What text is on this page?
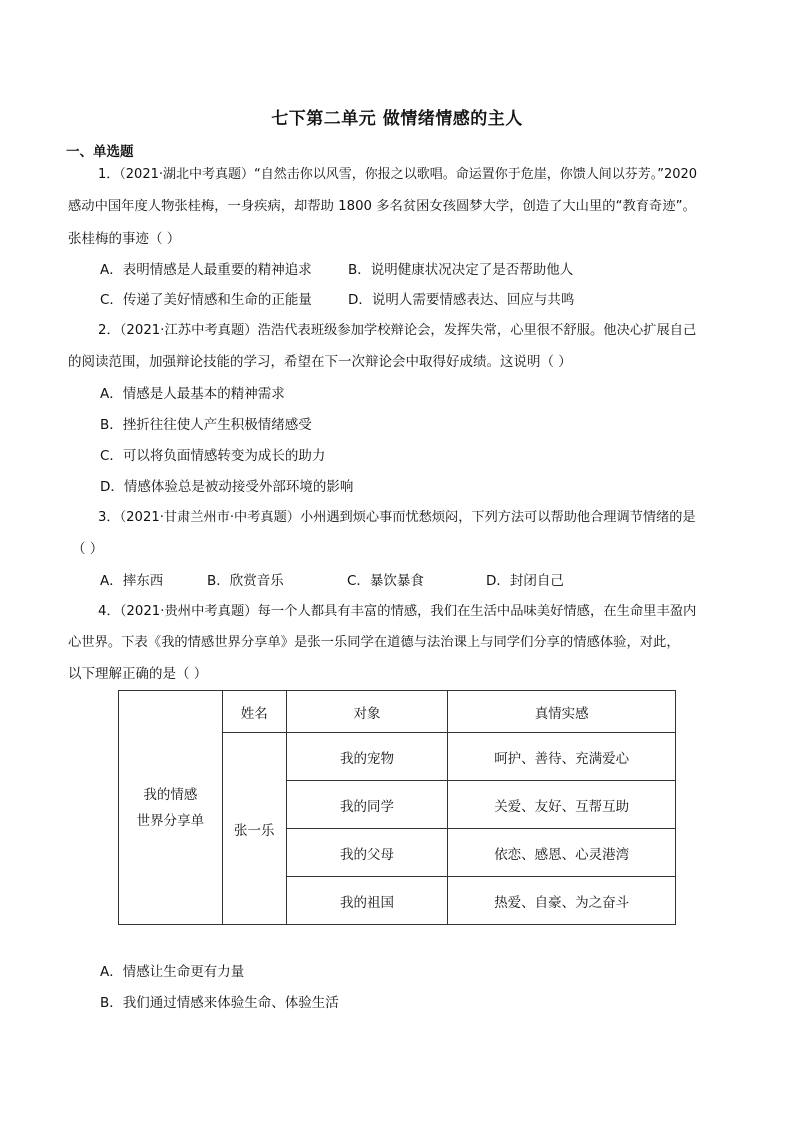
七下第二单元 做情绪情感的主人
一、单选题
1．（2021·湖北中考真题）“自然击你以风雪，你报之以歌唱。命运置你于危崖，你馈人间以芬芳。”2020
感动中国年度人物张桂梅，一身疾病，却帮助 1800 多名贫困女孩圆梦大学，创造了大山里的“教育奇迹”。
张桂梅的事迹（ ）
A．表明情感是人最重要的精神追求	B．说明健康状况决定了是否帮助他人
C．传递了美好情感和生命的正能量	D．说明人需要情感表达、回应与共鸣
2．（2021·江苏中考真题）浩浩代表班级参加学校辩论会，发挥失常，心里很不舒服。他决心扩展自己
的阅读范围，加强辩论技能的学习，希望在下一次辩论会中取得好成绩。这说明（ ）
A．情感是人最基本的精神需求
B．挫折往往使人产生积极情绪感受
C．可以将负面情感转变为成长的助力
D．情感体验总是被动接受外部环境的影响
3．（2021·甘肃兰州市·中考真题）小州遇到烦心事而忧愁烦闷，下列方法可以帮助他合理调节情绪的是
（ ）
A．摔东西	B．欣赏音乐	C．暴饮暴食	D．封闭自己
4．（2021·贵州中考真题）每一个人都具有丰富的情感，我们在生活中品味美好情感，在生命里丰盈内
心世界。下表《我的情感世界分享单》是张一乐同学在道德与法治课上与同学们分享的情感体验，对此，
以下理解正确的是（ ）
我的情感
世界分享单	姓名	对象	真情实感
	张一乐	我的宠物	呵护、善待、充满爱心
		我的同学	关爱、友好、互帮互助
		我的父母	依恋、感恩、心灵港湾
		我的祖国	热爱、自豪、为之奋斗
A．情感让生命更有力量
B．我们通过情感来体验生命、体验生活
